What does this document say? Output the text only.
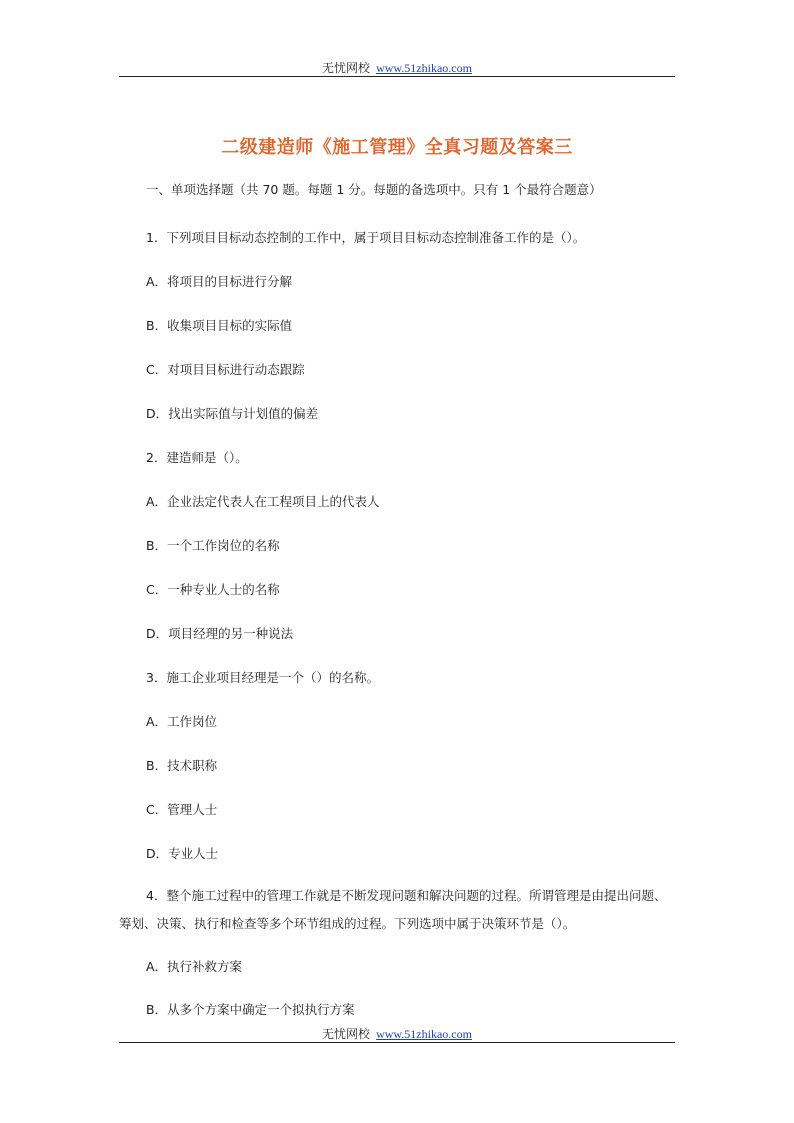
无忧网校 www.51zhikao.com
二级建造师《施工管理》全真习题及答案三
一、单项选择题（共 70 题。每题 1 分。每题的备选项中。只有 1 个最符合题意）
1．下列项目目标动态控制的工作中，属于项目目标动态控制准备工作的是（）。
A．将项目的目标进行分解
B．收集项目目标的实际值
C．对项目目标进行动态跟踪
D．找出实际值与计划值的偏差
2．建造师是（）。
A．企业法定代表人在工程项目上的代表人
B．一个工作岗位的名称
C．一种专业人士的名称
D．项目经理的另一种说法
3．施工企业项目经理是一个（）的名称。
A．工作岗位
B．技术职称
C．管理人士
D．专业人士
4．整个施工过程中的管理工作就是不断发现问题和解决问题的过程。所谓管理是由提出问题、筹划、决策、执行和检查等多个环节组成的过程。下列选项中属于决策环节是（）。
A．执行补救方案
B．从多个方案中确定一个拟执行方案
无忧网校 www.51zhikao.com
